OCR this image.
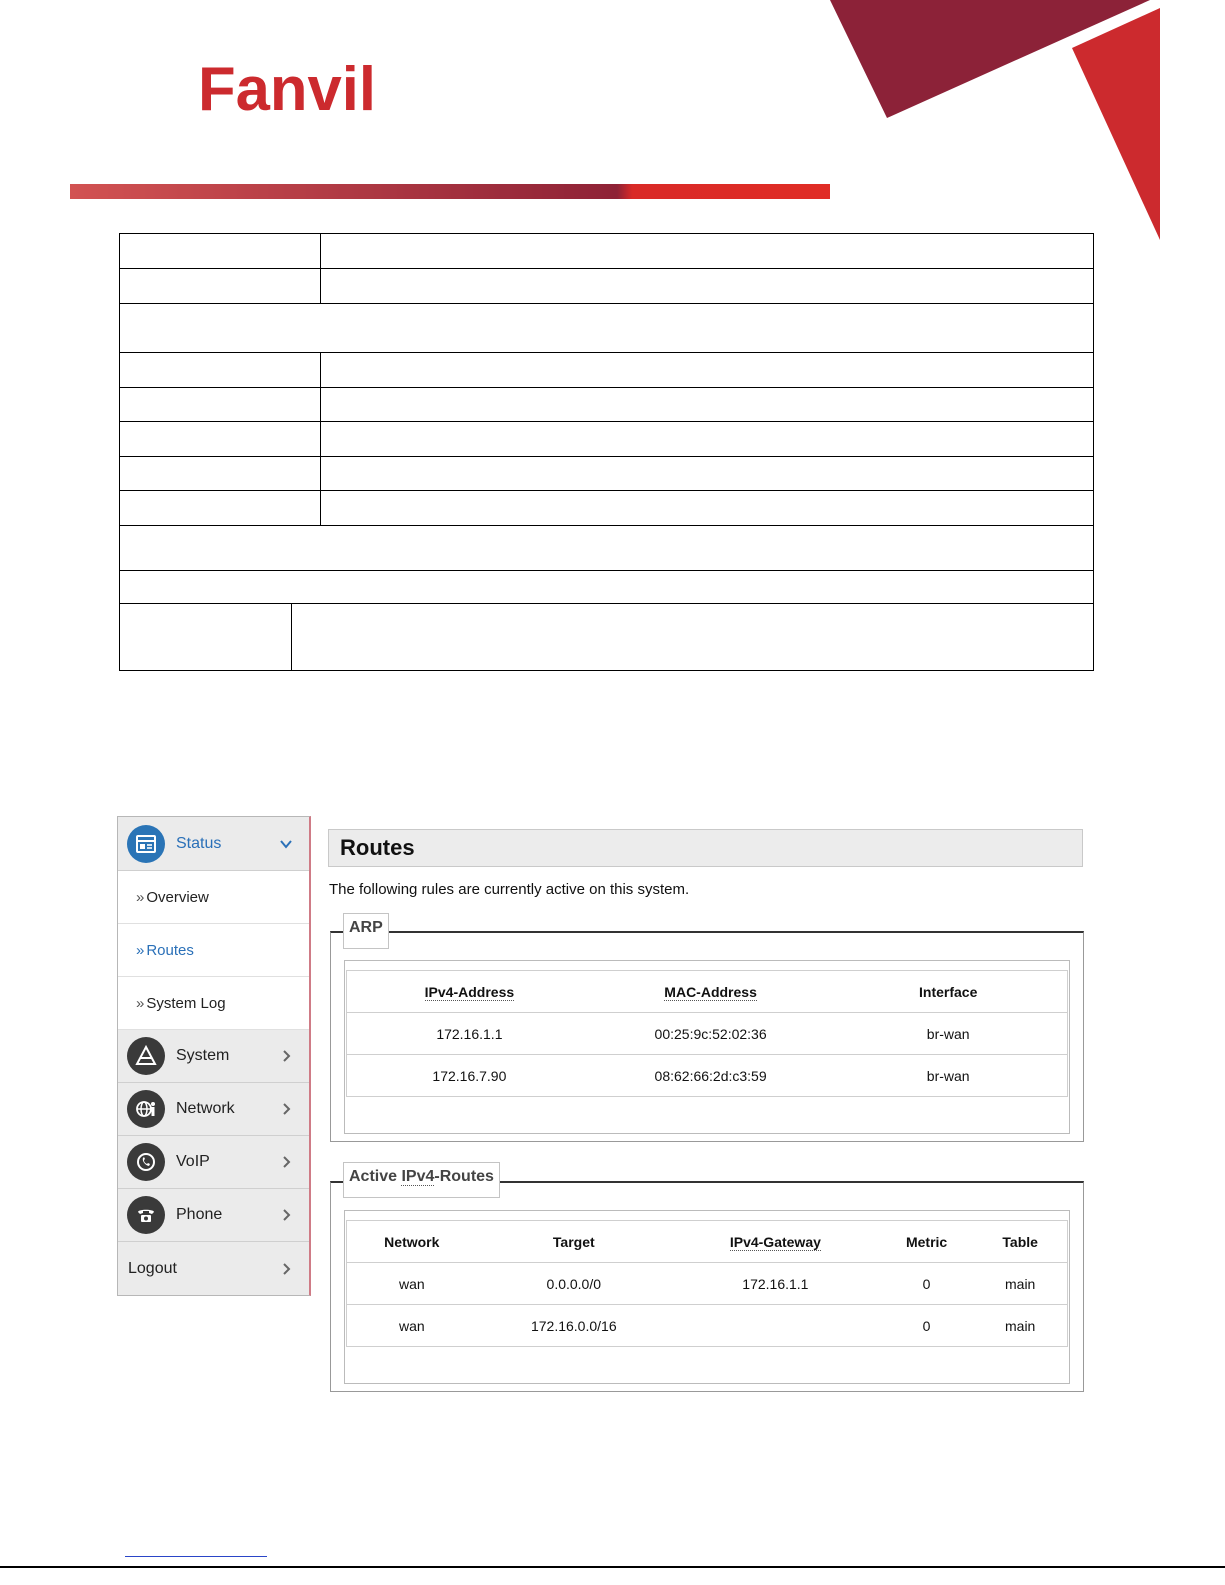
Fanvil
Status
» Overview
» Routes
» System Log
System
Network
VoIP
Phone
Logout
Routes
The following rules are currently active on this system.
IPv4-Address	MAC-Address	Interface
172.16.1.1	00:25:9c:52:02:36	br-wan
172.16.7.90	08:62:66:2d:c3:59	br-wan
ARP
Network	Target	IPv4-Gateway	Metric	Table
wan	0.0.0.0/0	172.16.1.1	0	main
wan	172.16.0.0/16		0	main
Active IPv4-Routes
